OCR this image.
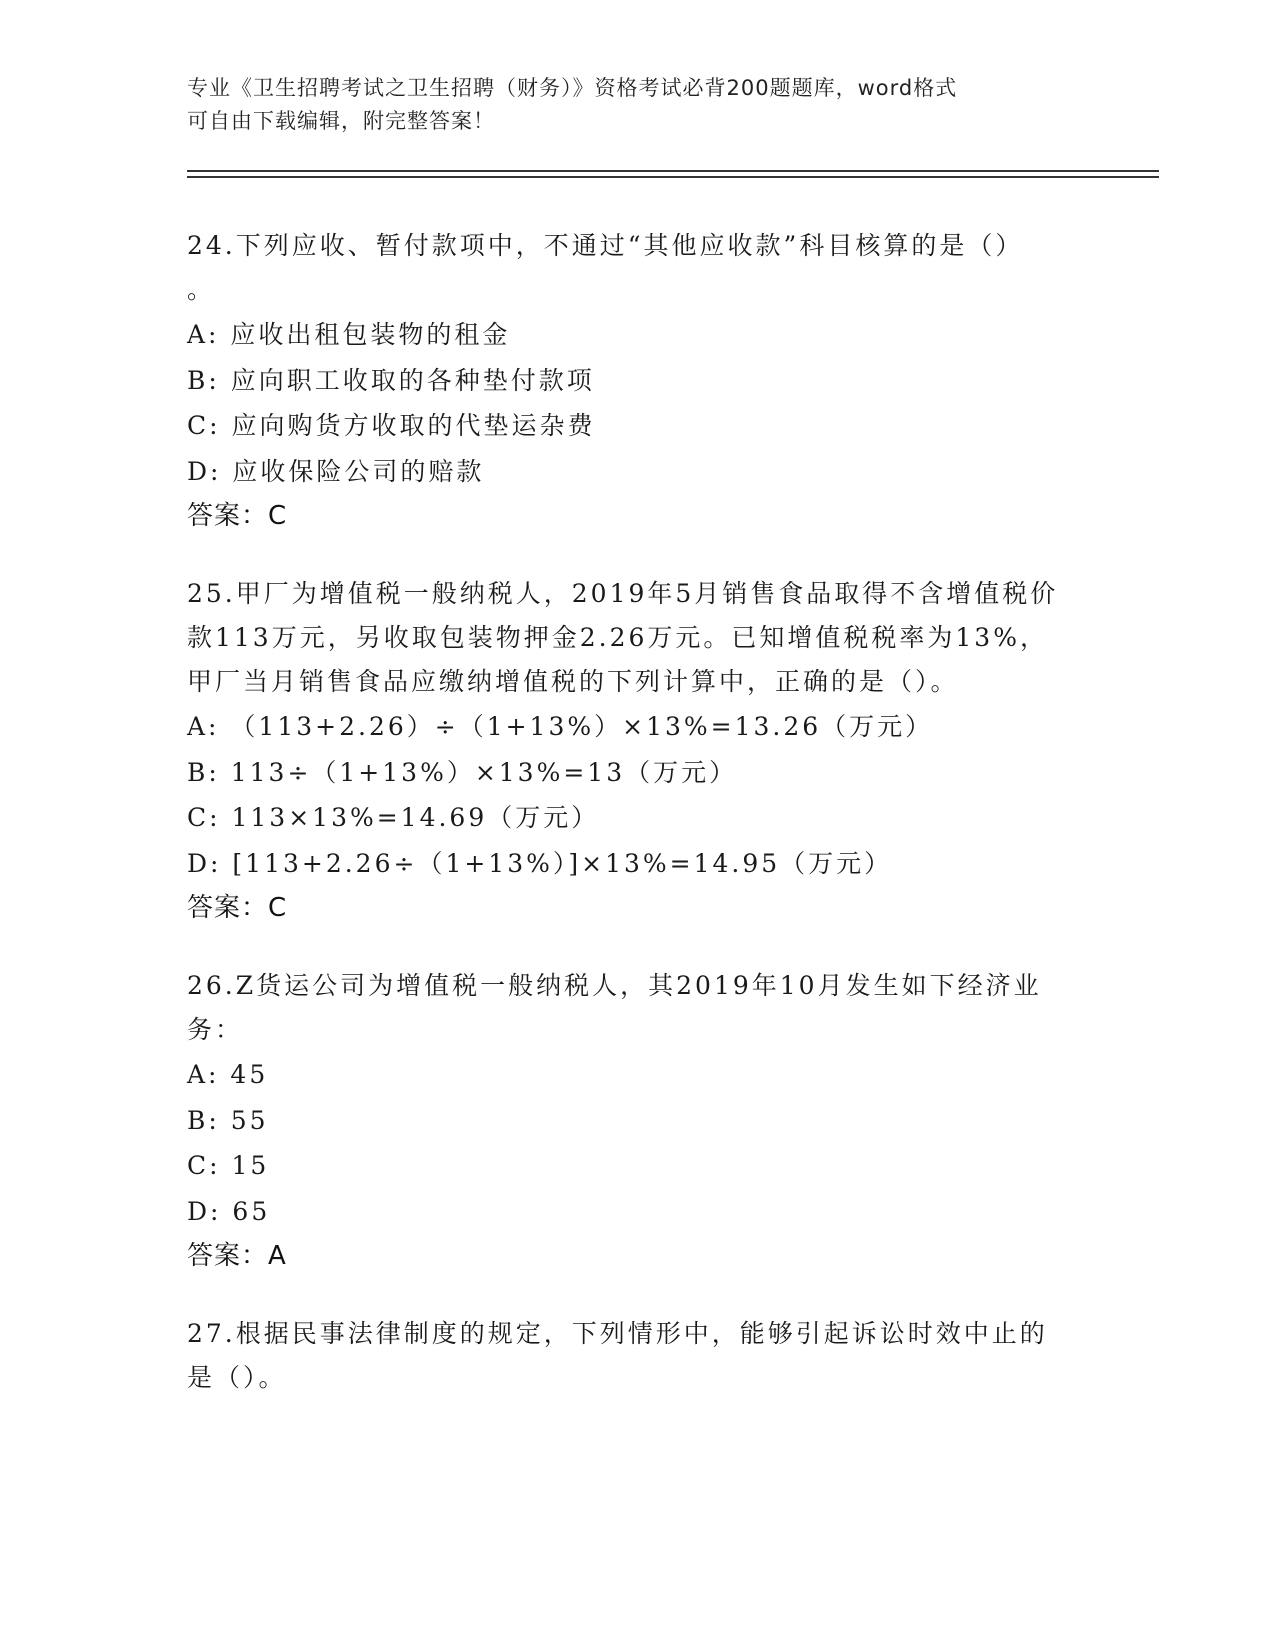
专业《卫生招聘考试之卫生招聘（财务）》资格考试必背200题题库，word格式
可自由下载编辑，附完整答案！
24.下列应收、暂付款项中，不通过“其他应收款”科目核算的是（）
。
A: 应收出租包装物的租金
B: 应向职工收取的各种垫付款项
C: 应向购货方收取的代垫运杂费
D: 应收保险公司的赔款
答案：C
25.甲厂为增值税一般纳税人，2019年5月销售食品取得不含增值税价
款113万元，另收取包装物押金2.26万元。已知增值税税率为13%，
甲厂当月销售食品应缴纳增值税的下列计算中，正确的是（）。
A: （113+2.26）÷（1+13%）×13%=13.26（万元）
B: 113÷（1+13%）×13%=13（万元）
C: 113×13%=14.69（万元）
D: [113+2.26÷（1+13%）]×13%=14.95（万元）
答案：C
26.Z货运公司为增值税一般纳税人，其2019年10月发生如下经济业
务：
A: 45
B: 55
C: 15
D: 65
答案：A
27.根据民事法律制度的规定，下列情形中，能够引起诉讼时效中止的
是（）。
